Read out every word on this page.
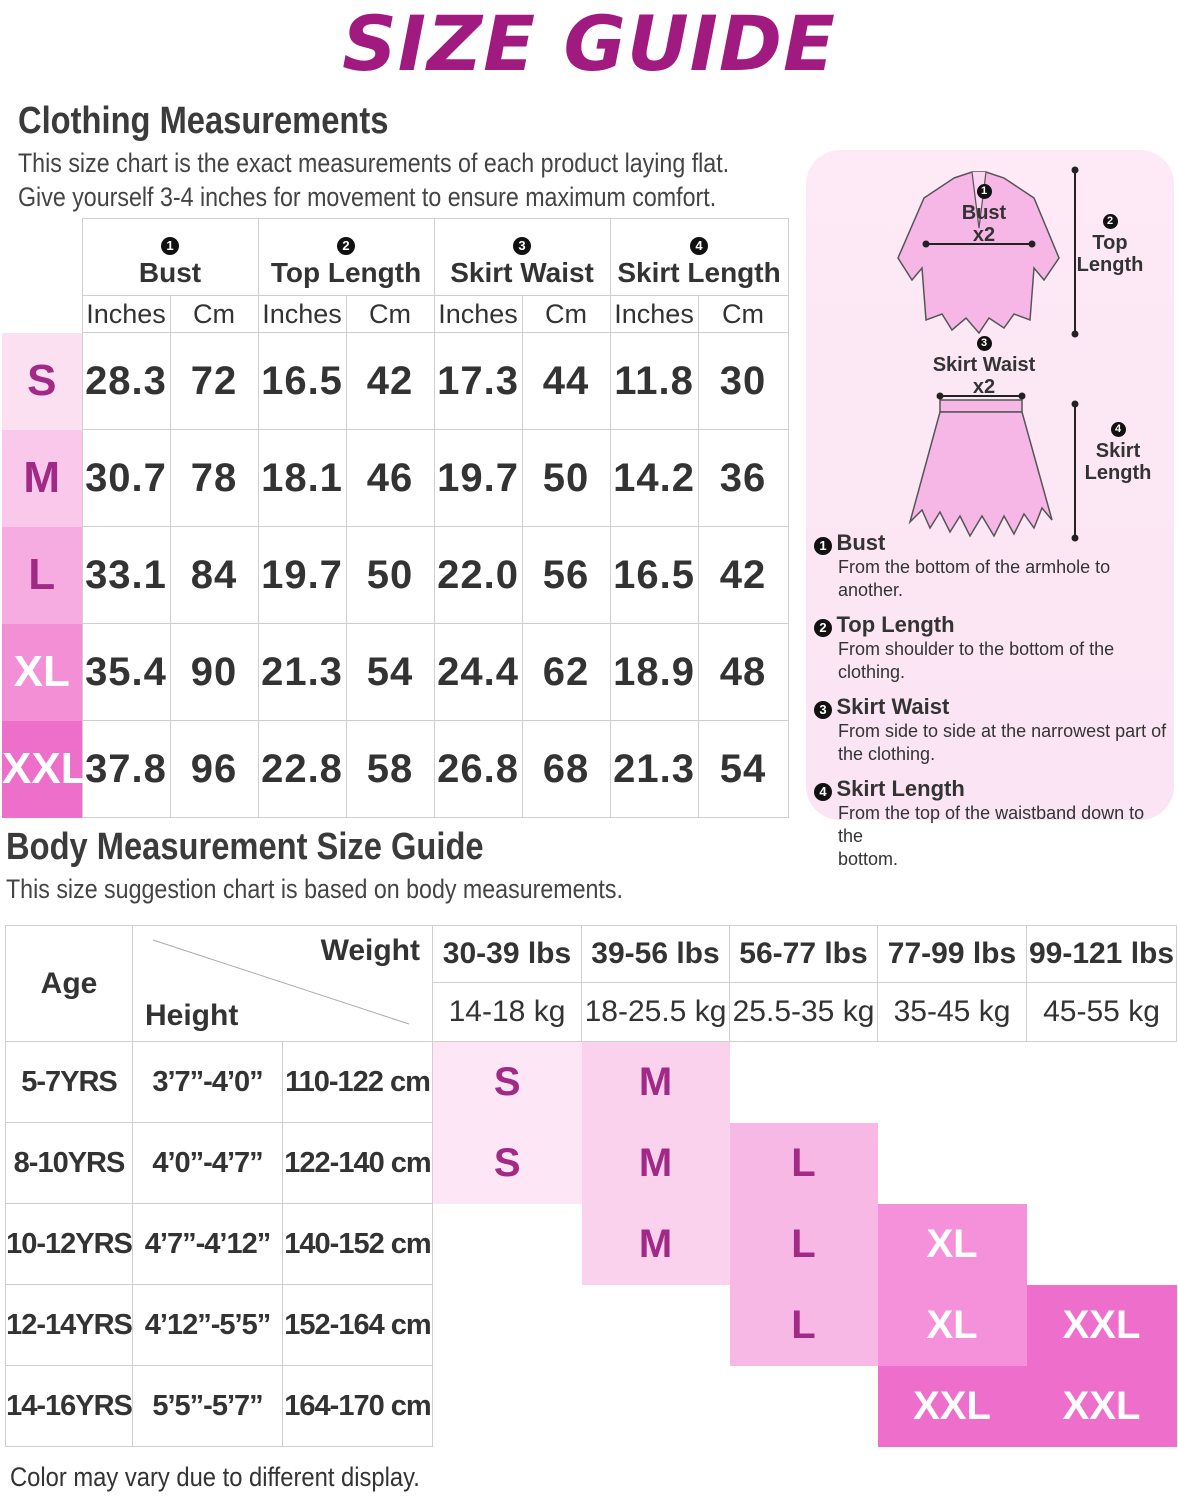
SIZE GUIDE
Clothing Measurements
This size chart is the exact measurements of each product laying flat.
Give yourself 3-4 inches for movement to ensure maximum comfort.

	1
Bust		2
Top Length		3
Skirt Waist		4
Skirt Length	
	Inches	Cm	Inches	Cm	Inches	Cm	Inches	Cm
S	28.3	72	16.5	42	17.3	44	11.8	30
M	30.7	78	18.1	46	19.7	50	14.2	36
L	33.1	84	19.7	50	22.0	56	16.5	42
XL	35.4	90	21.3	54	24.4	62	18.9	48
XXL	37.8	96	22.8	58	26.8	68	21.3	54
1
Bust
x2
2
Top
Length
3
Skirt Waist
x2
4
Skirt
Length
1 Bust
From the bottom of the armhole to another.
2 Top Length
From shoulder to the bottom of the clothing.
3 Skirt Waist
From side to side at the narrowest part of
the clothing.
4 Skirt Length
From the top of the waistband down to the
bottom.
Body Measurement Size Guide
This size suggestion chart is based on body measurements.
Age	Weight
Height		30-39 lbs	39-56 lbs	56-77 lbs	77-99 lbs	99-121 lbs
			14-18 kg	18-25.5 kg	25.5-35 kg	35-45 kg	45-55 kg
5-7YRS	3’7”-4’0”	110-122 cm	S	M			
8-10YRS	4’0”-4’7”	122-140 cm	S	M	L		
10-12YRS	4’7”-4’12”	140-152 cm		M	L	XL	
12-14YRS	4’12”-5’5”	152-164 cm			L	XL	XXL
14-16YRS	5’5”-5’7”	164-170 cm				XXL	XXL
Color may vary due to different display.
